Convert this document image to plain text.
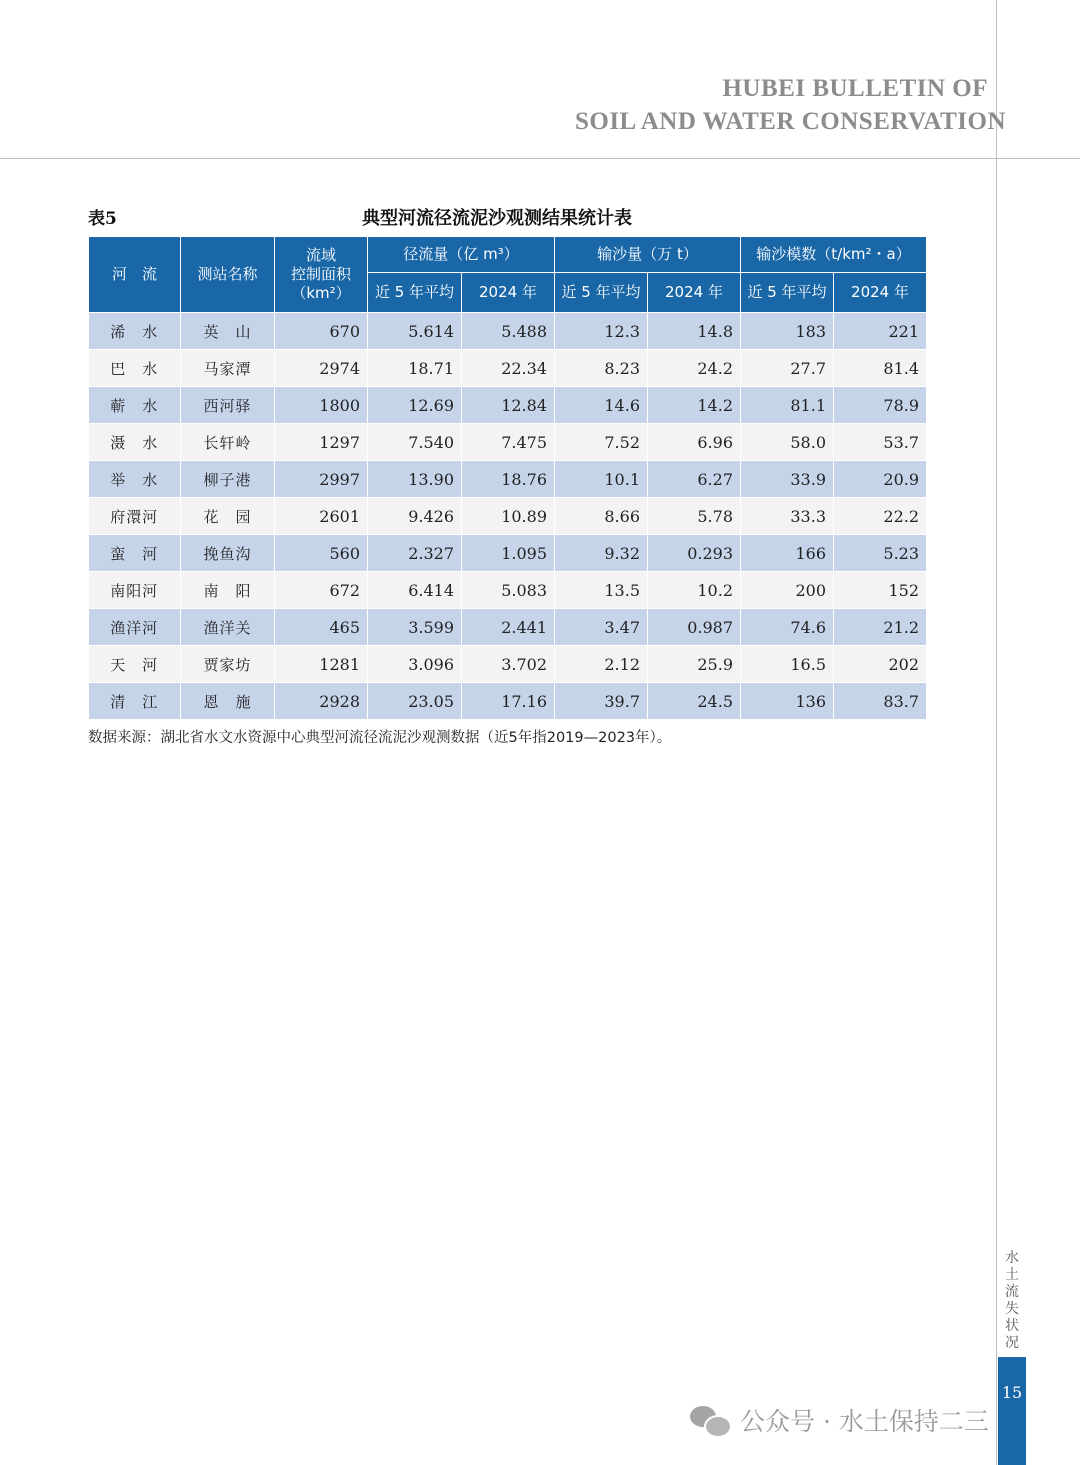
HUBEI BULLETIN OF
SOIL AND WATER CONSERVATION
表5	典型河流径流泥沙观测结果统计表
河　流	测站名称	流域
控制面积
（km²）	径流量（亿 m³）		输沙量（万 t）		输沙模数（t/km²・a）	
			近 5 年平均	2024 年	近 5 年平均	2024 年	近 5 年平均	2024 年
浠　水	英　山	670	5.614	5.488	12.3	14.8	183	221
巴　水	马家潭	2974	18.71	22.34	8.23	24.2	27.7	81.4
蕲　水	西河驿	1800	12.69	12.84	14.6	14.2	81.1	78.9
滠　水	长轩岭	1297	7.540	7.475	7.52	6.96	58.0	53.7
举　水	柳子港	2997	13.90	18.76	10.1	6.27	33.9	20.9
府澴河	花　园	2601	9.426	10.89	8.66	5.78	33.3	22.2
蛮　河	挽鱼沟	560	2.327	1.095	9.32	0.293	166	5.23
南阳河	南　阳	672	6.414	5.083	13.5	10.2	200	152
渔洋河	渔洋关	465	3.599	2.441	3.47	0.987	74.6	21.2
天　河	贾家坊	1281	3.096	3.702	2.12	25.9	16.5	202
清　江	恩　施	2928	23.05	17.16	39.7	24.5	136	83.7
数据来源：湖北省水文水资源中心典型河流径流泥沙观测数据（近5年指2019—2023年）。
水土流失状况
15
公众号 · 水土保持二三
